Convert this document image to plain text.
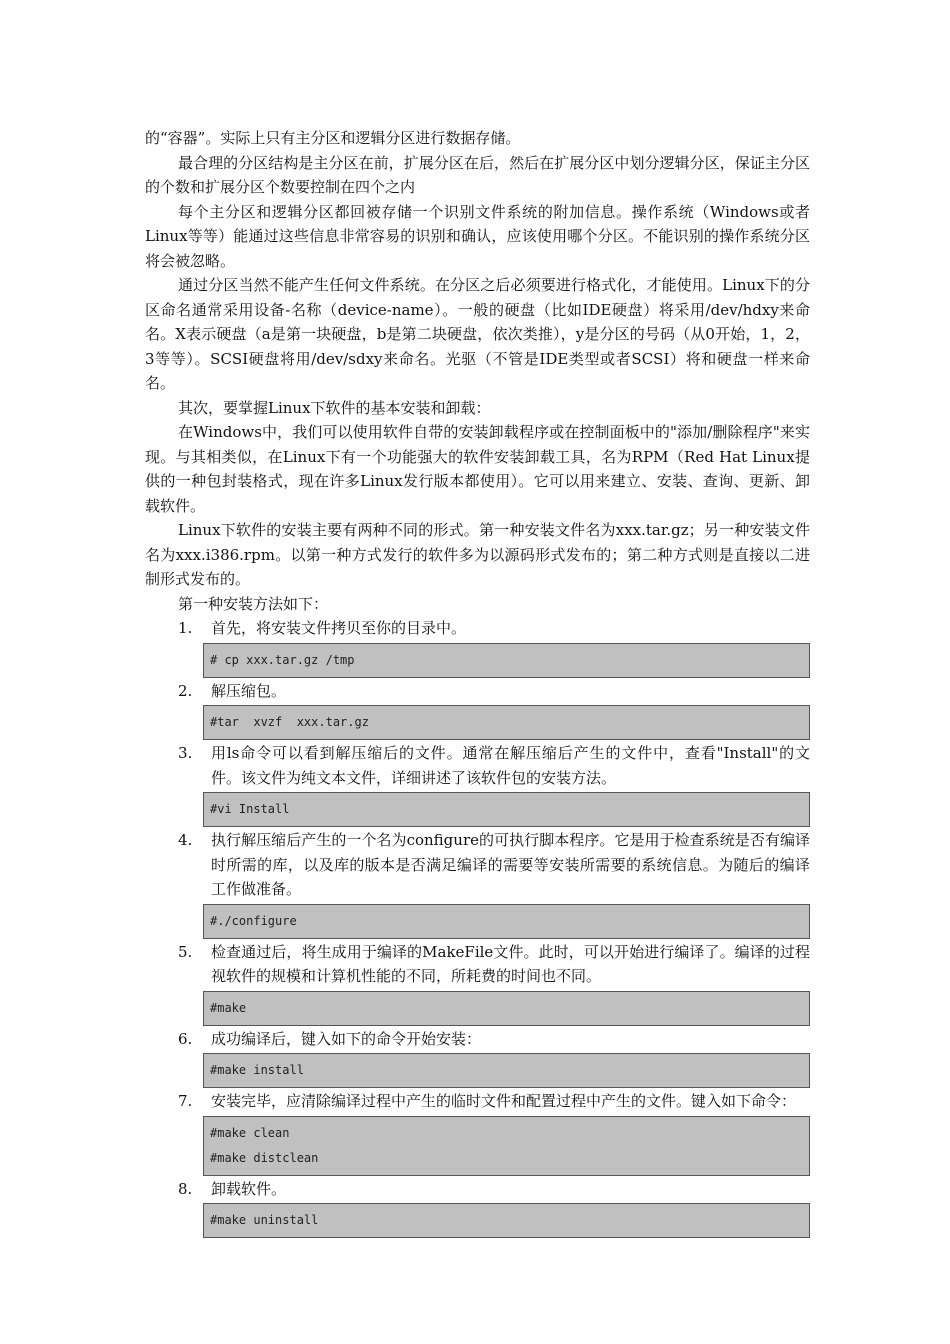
的“容器”。实际上只有主分区和逻辑分区进行数据存储。

最合理的分区结构是主分区在前，扩展分区在后，然后在扩展分区中划分逻辑分区，保证主分区的个数和扩展分区个数要控制在四个之内

每个主分区和逻辑分区都回被存储一个识别文件系统的附加信息。操作系统（Windows或者Linux等等）能通过这些信息非常容易的识别和确认，应该使用哪个分区。不能识别的操作系统分区将会被忽略。

通过分区当然不能产生任何文件系统。在分区之后必须要进行格式化，才能使用。Linux下的分区命名通常采用设备-名称（device-name）。一般的硬盘（比如IDE硬盘）将采用/dev/hdxy来命名。X表示硬盘（a是第一块硬盘，b是第二块硬盘，依次类推），y是分区的号码（从0开始，1，2，3等等）。SCSI硬盘将用/dev/sdxy来命名。光驱（不管是IDE类型或者SCSI）将和硬盘一样来命名。

其次，要掌握Linux下软件的基本安装和卸载：

在Windows中，我们可以使用软件自带的安装卸载程序或在控制面板中的"添加/删除程序"来实现。与其相类似，在Linux下有一个功能强大的软件安装卸载工具，名为RPM（Red Hat Linux提供的一种包封装格式，现在许多Linux发行版本都使用）。它可以用来建立、安装、查询、更新、卸载软件。

Linux下软件的安装主要有两种不同的形式。第一种安装文件名为xxx.tar.gz；另一种安装文件名为xxx.i386.rpm。以第一种方式发行的软件多为以源码形式发布的；第二种方式则是直接以二进制形式发布的。

第一种安装方法如下：

1. 首先，将安装文件拷贝至你的目录中。

# cp xxx.tar.gz /tmp
2. 解压缩包。

#tar  xvzf  xxx.tar.gz
3. 用ls命令可以看到解压缩后的文件。通常在解压缩后产生的文件中，查看"Install"的文件。该文件为纯文本文件，详细讲述了该软件包的安装方法。

#vi Install
4. 执行解压缩后产生的一个名为configure的可执行脚本程序。它是用于检查系统是否有编译时所需的库，以及库的版本是否满足编译的需要等安装所需要的系统信息。为随后的编译工作做准备。

#./configure
5. 检查通过后，将生成用于编译的MakeFile文件。此时，可以开始进行编译了。编译的过程视软件的规模和计算机性能的不同，所耗费的时间也不同。

#make
6. 成功编译后，键入如下的命令开始安装：

#make install
7. 安装完毕，应清除编译过程中产生的临时文件和配置过程中产生的文件。键入如下命令：

#make clean
#make distclean
8. 卸载软件。

#make uninstall
